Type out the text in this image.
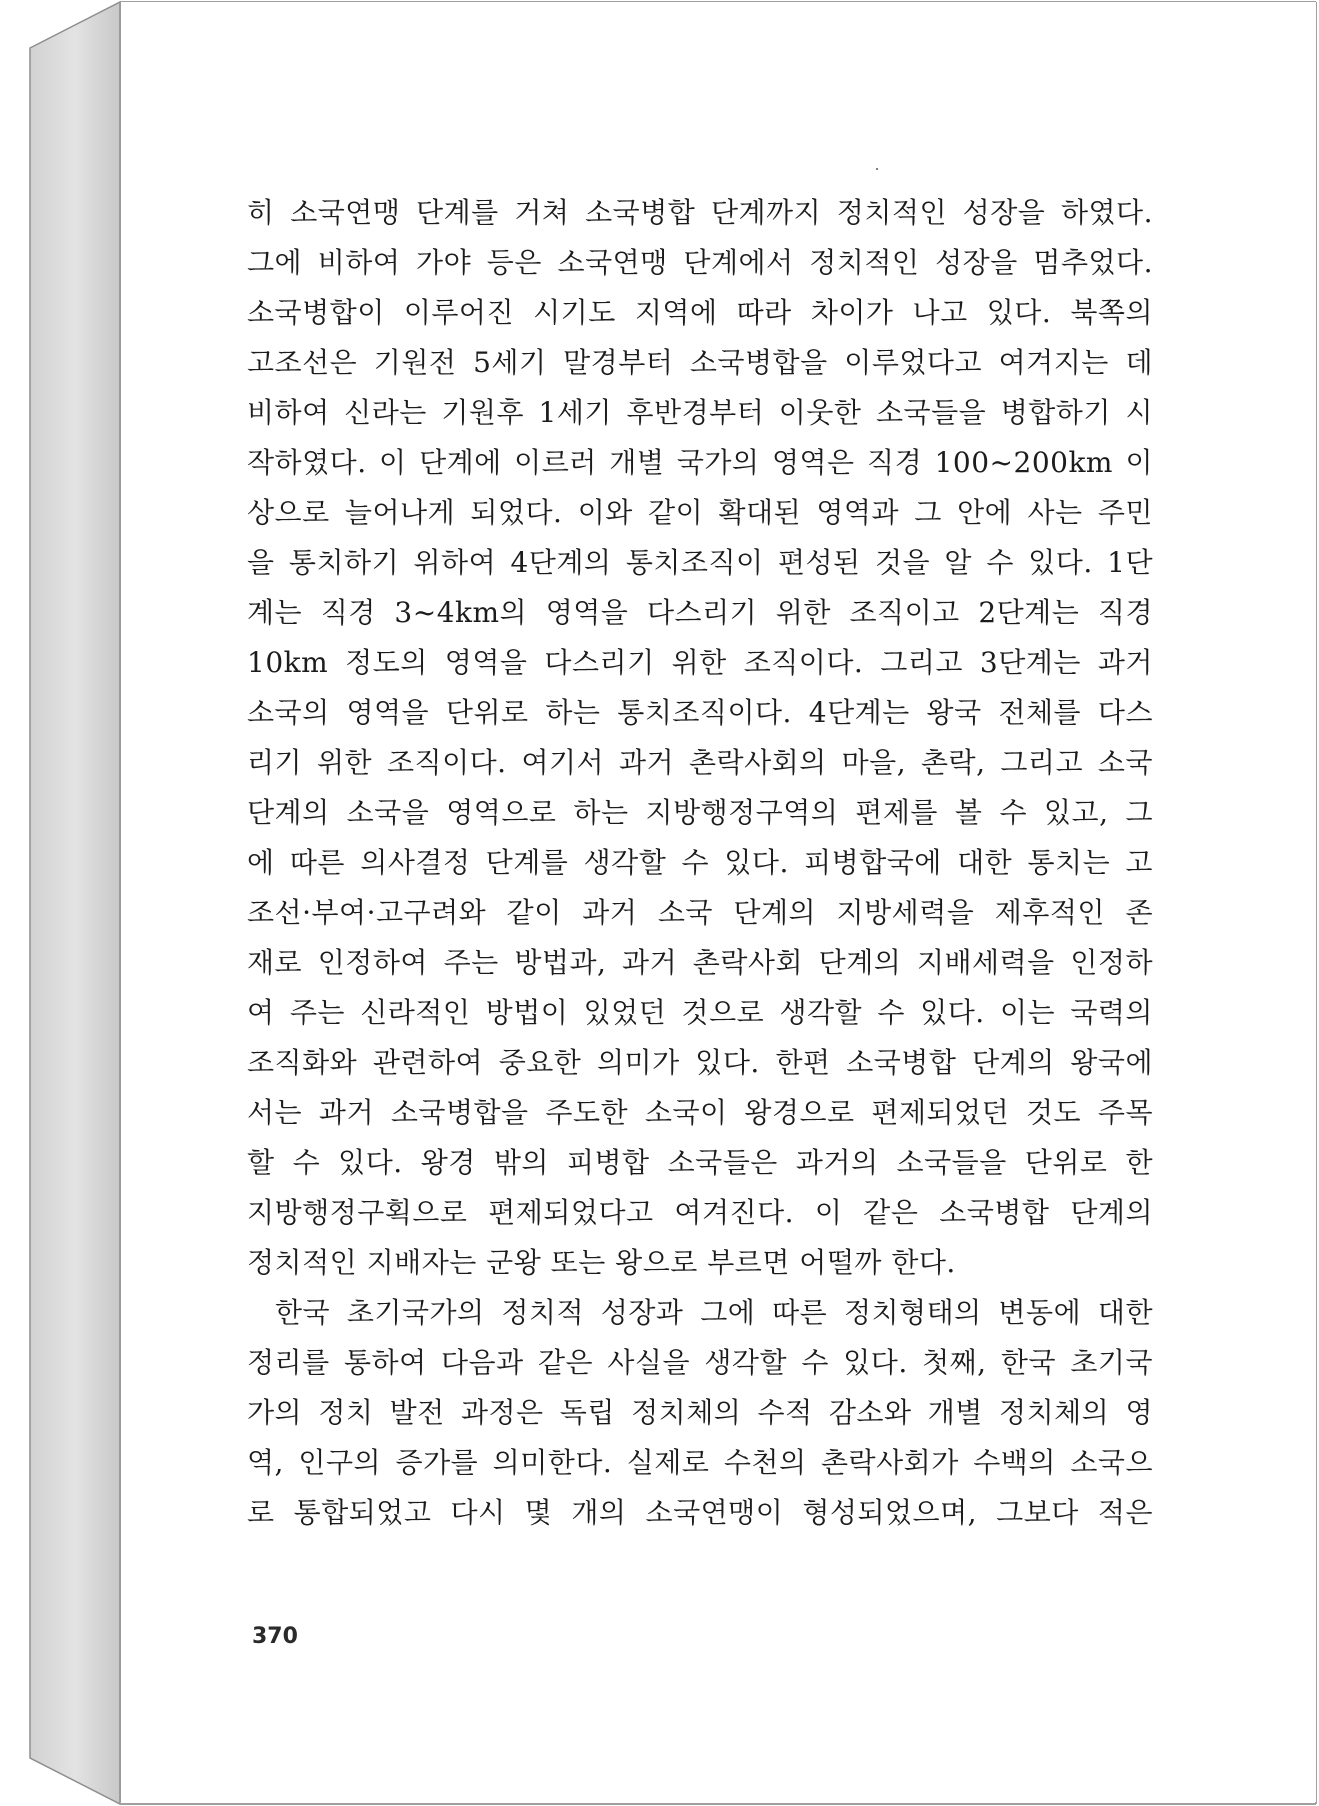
히 소국연맹 단계를 거쳐 소국병합 단계까지 정치적인 성장을 하였다.
그에 비하여 가야 등은 소국연맹 단계에서 정치적인 성장을 멈추었다.
소국병합이 이루어진 시기도 지역에 따라 차이가 나고 있다. 북쪽의
고조선은 기원전 5세기 말경부터 소국병합을 이루었다고 여겨지는 데
비하여 신라는 기원후 1세기 후반경부터 이웃한 소국들을 병합하기 시
작하였다. 이 단계에 이르러 개별 국가의 영역은 직경 100~200km 이
상으로 늘어나게 되었다. 이와 같이 확대된 영역과 그 안에 사는 주민
을 통치하기 위하여 4단계의 통치조직이 편성된 것을 알 수 있다. 1단
계는 직경 3~4km의 영역을 다스리기 위한 조직이고 2단계는 직경
10km 정도의 영역을 다스리기 위한 조직이다. 그리고 3단계는 과거
소국의 영역을 단위로 하는 통치조직이다. 4단계는 왕국 전체를 다스
리기 위한 조직이다. 여기서 과거 촌락사회의 마을, 촌락, 그리고 소국
단계의 소국을 영역으로 하는 지방행정구역의 편제를 볼 수 있고, 그
에 따른 의사결정 단계를 생각할 수 있다. 피병합국에 대한 통치는 고
조선·부여·고구려와 같이 과거 소국 단계의 지방세력을 제후적인 존
재로 인정하여 주는 방법과, 과거 촌락사회 단계의 지배세력을 인정하
여 주는 신라적인 방법이 있었던 것으로 생각할 수 있다. 이는 국력의
조직화와 관련하여 중요한 의미가 있다. 한편 소국병합 단계의 왕국에
서는 과거 소국병합을 주도한 소국이 왕경으로 편제되었던 것도 주목
할 수 있다. 왕경 밖의 피병합 소국들은 과거의 소국들을 단위로 한
지방행정구획으로 편제되었다고 여겨진다. 이 같은 소국병합 단계의
정치적인 지배자는 군왕 또는 왕으로 부르면 어떨까 한다.
한국 초기국가의 정치적 성장과 그에 따른 정치형태의 변동에 대한
정리를 통하여 다음과 같은 사실을 생각할 수 있다. 첫째, 한국 초기국
가의 정치 발전 과정은 독립 정치체의 수적 감소와 개별 정치체의 영
역, 인구의 증가를 의미한다. 실제로 수천의 촌락사회가 수백의 소국으
로 통합되었고 다시 몇 개의 소국연맹이 형성되었으며, 그보다 적은
370
